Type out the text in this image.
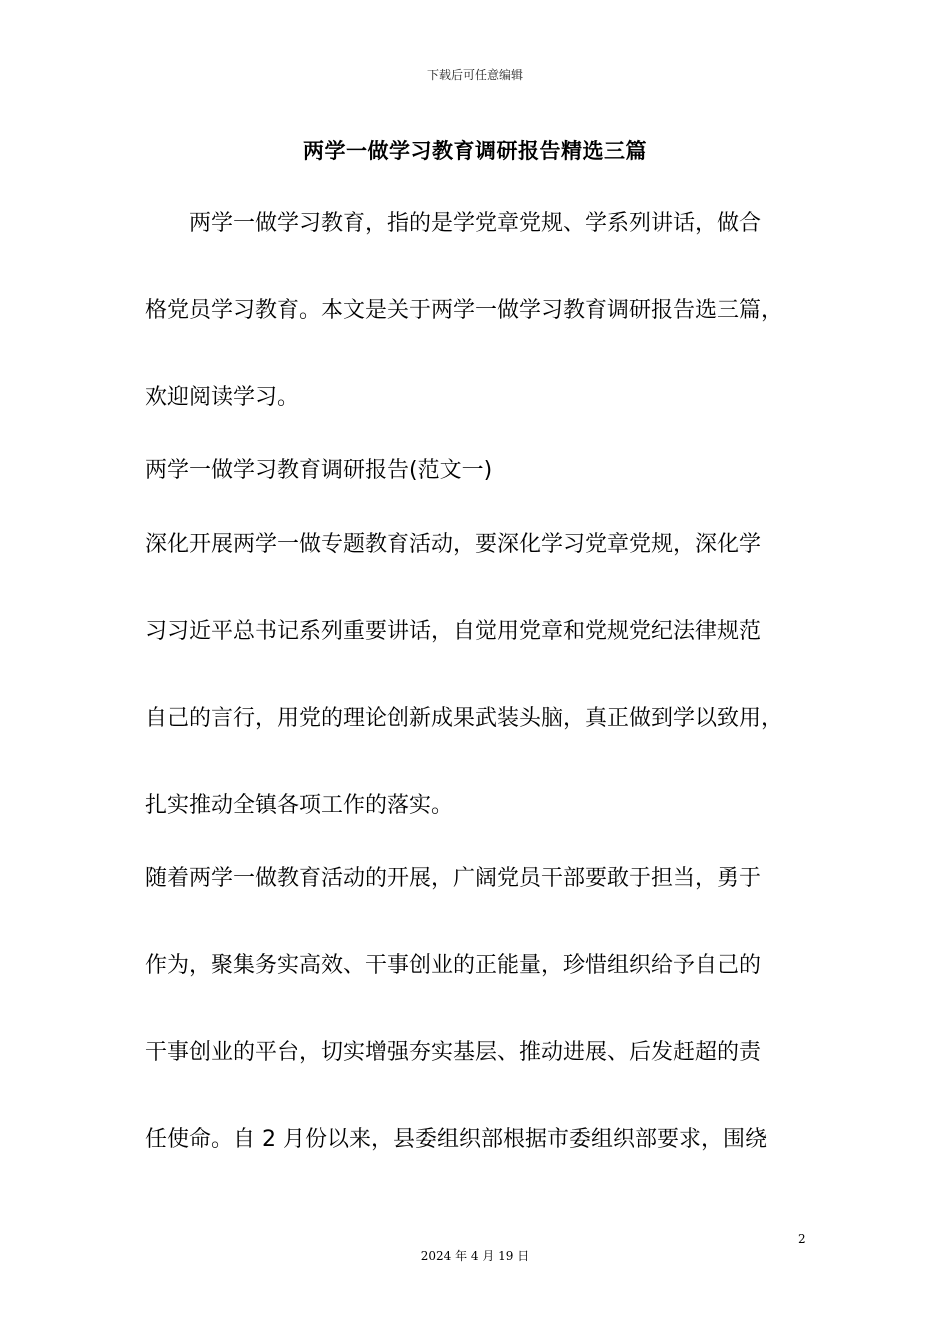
下载后可任意编辑
两学一做学习教育调研报告精选三篇
　　两学一做学习教育，指的是学党章党规、学系列讲话，做合
格党员学习教育。本文是关于两学一做学习教育调研报告选三篇，
欢迎阅读学习。
两学一做学习教育调研报告(范文一)
深化开展两学一做专题教育活动，要深化学习党章党规，深化学
习习近平总书记系列重要讲话，自觉用党章和党规党纪法律规范
自己的言行，用党的理论创新成果武装头脑，真正做到学以致用，
扎实推动全镇各项工作的落实。
随着两学一做教育活动的开展，广阔党员干部要敢于担当，勇于
作为，聚集务实高效、干事创业的正能量，珍惜组织给予自己的
干事创业的平台，切实增强夯实基层、推动进展、后发赶超的责
任使命。自 2 月份以来，县委组织部根据市委组织部要求，围绕
2
2024 年 4 月 19 日
